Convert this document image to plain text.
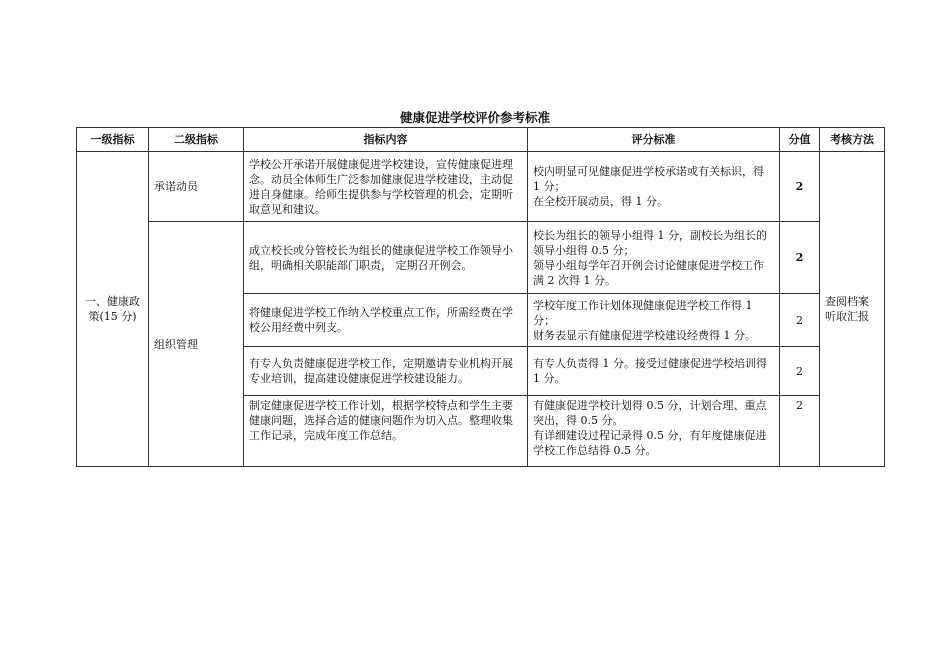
健康促进学校评价参考标准
一级指标	二级指标	指标内容	评分标准	分值	考核方法
一、健康政策(15 分)	承诺动员	学校公开承诺开展健康促进学校建设，宣传健康促进理念。动员全体师生广泛参加健康促进学校建设，主动促进自身健康。给师生提供参与学校管理的机会，定期听取意见和建议。	校内明显可见健康促进学校承诺或有关标识，得 1 分；
在全校开展动员，得 1 分。	2	查阅档案听取汇报
	组织管理	成立校长或分管校长为组长的健康促进学校工作领导小组，明确相关职能部门职责， 定期召开例会。	校长为组长的领导小组得 1 分，副校长为组长的领导小组得 0.5 分；
领导小组每学年召开例会讨论健康促进学校工作满 2 次得 1 分。	2	
		将健康促进学校工作纳入学校重点工作，所需经费在学校公用经费中列支。	学校年度工作计划体现健康促进学校工作得 1 分；
财务表显示有健康促进学校建设经费得 1 分。	2	
		有专人负责健康促进学校工作，定期邀请专业机构开展专业培训，提高建设健康促进学校建设能力。	有专人负责得 1 分。接受过健康促进学校培训得 1 分。	2	
		制定健康促进学校工作计划，根据学校特点和学生主要健康问题，选择合适的健康问题作为切入点。整理收集工作记录，完成年度工作总结。	有健康促进学校计划得 0.5 分，计划合理、重点突出，得 0.5 分。
有详细建设过程记录得 0.5 分，有年度健康促进学校工作总结得 0.5 分。	2	
